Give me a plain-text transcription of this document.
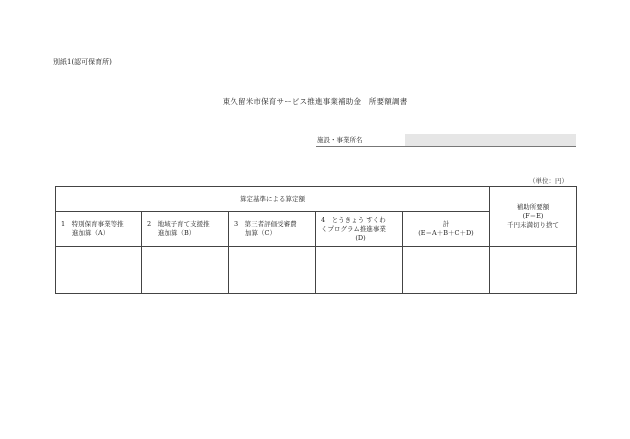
別紙1(認可保育所)
東久留米市保育サービス推進事業補助金　所要額調書
施設・事業所名
（単位：円）
算定基準による算定額					補助所要額
(F＝E)
千円未満切り捨て

1　特別保育事業等推
進加算（A）	2　地域子育て支援推
進加算（B）	3　第三者評価受審費
加算（C）	4　とうきょう すくわ
くプログラム推進事業
(D)	計
(E＝A＋B＋C＋D)	
